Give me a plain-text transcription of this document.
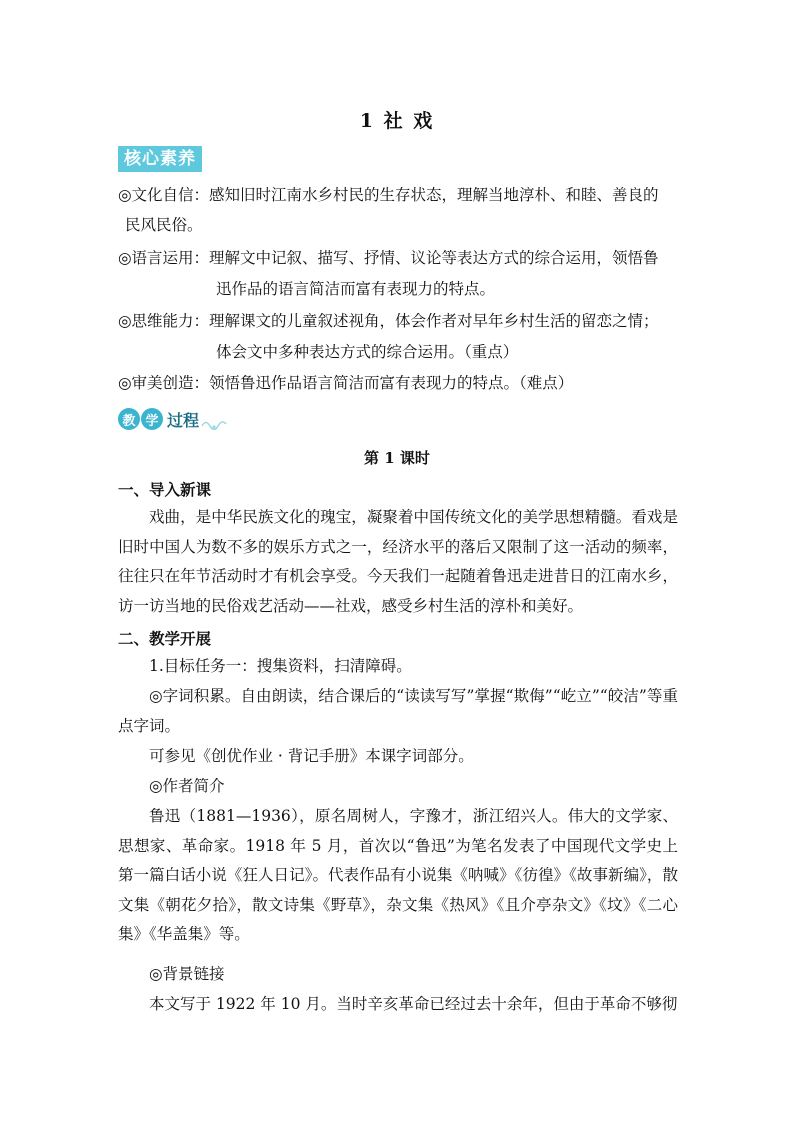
1 社 戏
核心素养
◎文化自信：感知旧时江南水乡村民的生存状态，理解当地淳朴、和睦、善良的
民风民俗。
◎语言运用：理解文中记叙、描写、抒情、议论等表达方式的综合运用，领悟鲁
迅作品的语言简洁而富有表现力的特点。
◎思维能力：理解课文的儿童叙述视角，体会作者对早年乡村生活的留恋之情；
体会文中多种表达方式的综合运用。（重点）
◎审美创造：领悟鲁迅作品语言简洁而富有表现力的特点。（难点）
教 学 过程
第 1 课时
一、导入新课
戏曲，是中华民族文化的瑰宝，凝聚着中国传统文化的美学思想精髓。看戏是旧时中国人为数不多的娱乐方式之一，经济水平的落后又限制了这一活动的频率，往往只在年节活动时才有机会享受。今天我们一起随着鲁迅走进昔日的江南水乡，访一访当地的民俗戏艺活动——社戏，感受乡村生活的淳朴和美好。
二、教学开展
1.目标任务一：搜集资料，扫清障碍。
◎字词积累。自由朗读，结合课后的“读读写写”掌握“欺侮”“屹立”“皎洁”等重点字词。
可参见《创优作业 · 背记手册》本课字词部分。
◎作者简介
鲁迅（1881—1936），原名周树人，字豫才，浙江绍兴人。伟大的文学家、思想家、革命家。1918 年 5 月，首次以“鲁迅”为笔名发表了中国现代文学史上第一篇白话小说《狂人日记》。代表作品有小说集《呐喊》《彷徨》《故事新编》，散文集《朝花夕拾》，散文诗集《野草》，杂文集《热风》《且介亭杂文》《坟》《二心集》《华盖集》等。
◎背景链接
本文写于 1922 年 10 月。当时辛亥革命已经过去十余年，但由于革命不够彻
